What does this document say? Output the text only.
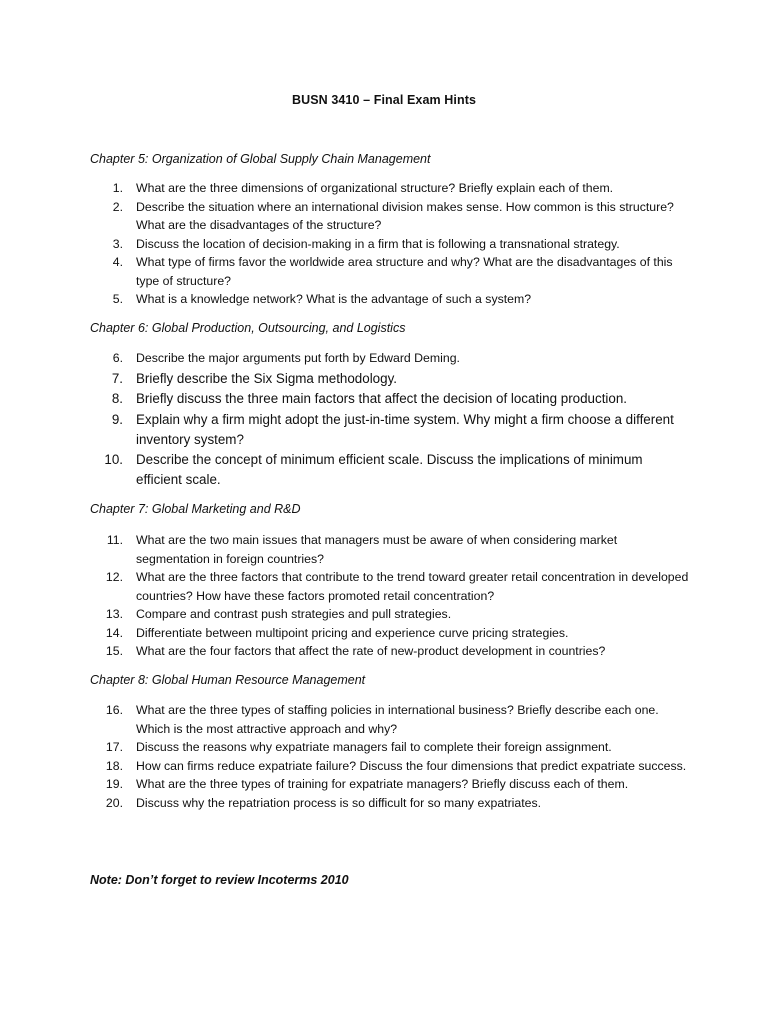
BUSN 3410 – Final Exam Hints
Chapter 5: Organization of Global Supply Chain Management
1. What are the three dimensions of organizational structure? Briefly explain each of them.
2. Describe the situation where an international division makes sense. How common is this structure? What are the disadvantages of the structure?
3. Discuss the location of decision-making in a firm that is following a transnational strategy.
4. What type of firms favor the worldwide area structure and why? What are the disadvantages of this type of structure?
5. What is a knowledge network? What is the advantage of such a system?
Chapter 6: Global Production, Outsourcing, and Logistics
6. Describe the major arguments put forth by Edward Deming.
7. Briefly describe the Six Sigma methodology.
8. Briefly discuss the three main factors that affect the decision of locating production.
9. Explain why a firm might adopt the just-in-time system. Why might a firm choose a different inventory system?
10. Describe the concept of minimum efficient scale. Discuss the implications of minimum efficient scale.
Chapter 7: Global Marketing and R&D
11. What are the two main issues that managers must be aware of when considering market segmentation in foreign countries?
12. What are the three factors that contribute to the trend toward greater retail concentration in developed countries? How have these factors promoted retail concentration?
13. Compare and contrast push strategies and pull strategies.
14. Differentiate between multipoint pricing and experience curve pricing strategies.
15. What are the four factors that affect the rate of new-product development in countries?
Chapter 8: Global Human Resource Management
16. What are the three types of staffing policies in international business? Briefly describe each one. Which is the most attractive approach and why?
17. Discuss the reasons why expatriate managers fail to complete their foreign assignment.
18. How can firms reduce expatriate failure? Discuss the four dimensions that predict expatriate success.
19. What are the three types of training for expatriate managers? Briefly discuss each of them.
20. Discuss why the repatriation process is so difficult for so many expatriates.
Note: Don’t forget to review Incoterms 2010
